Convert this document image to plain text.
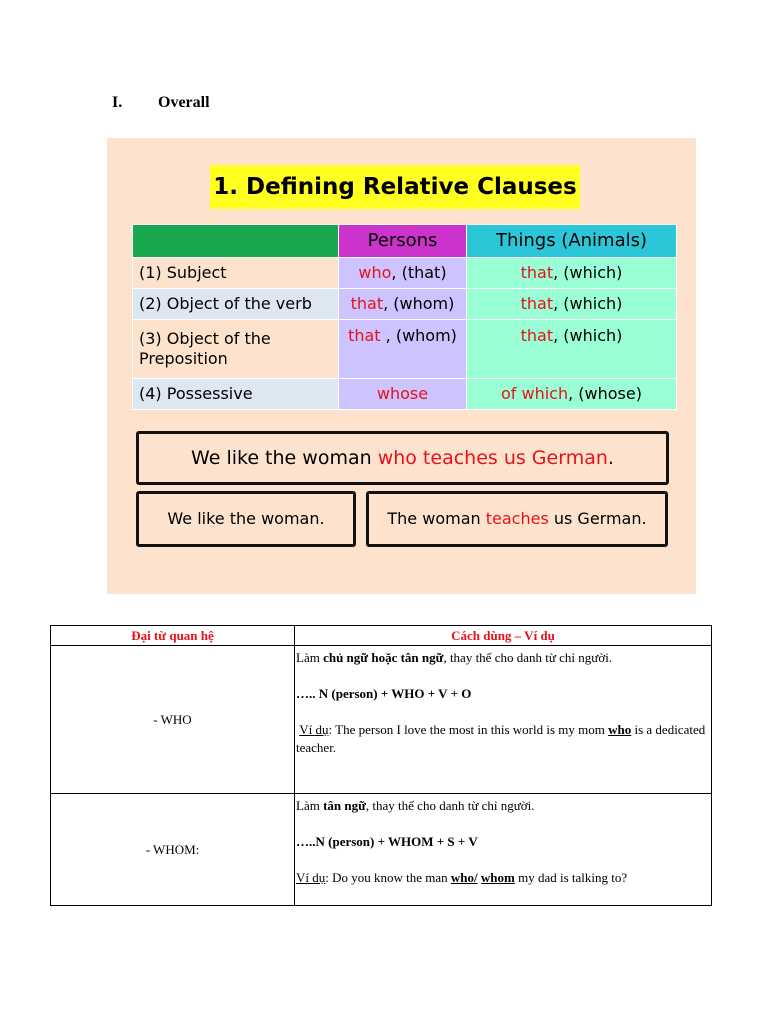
I. Overall
1. Defining Relative Clauses
	Persons	Things (Animals)
(1) Subject	who, (that)	that, (which)
(2) Object of the verb	that, (whom)	that, (which)
(3) Object of the Preposition	that , (whom)	that, (which)
(4) Possessive	whose	of which, (whose)
We like the woman who teaches us German.
We like the woman.	The woman teaches us German.
Đại từ quan hệ	Cách dùng – Ví dụ
- WHO	Làm chủ ngữ hoặc tân ngữ, thay thế cho danh từ chỉ người.

….. N (person) + WHO + V + O

Ví dụ: The person I love the most in this world is my mom who is a dedicated teacher.

- WHOM:	Làm tân ngữ, thay thế cho danh từ chỉ người.

…..N (person) + WHOM + S + V

Ví dụ: Do you know the man who/ whom my dad is talking to?
